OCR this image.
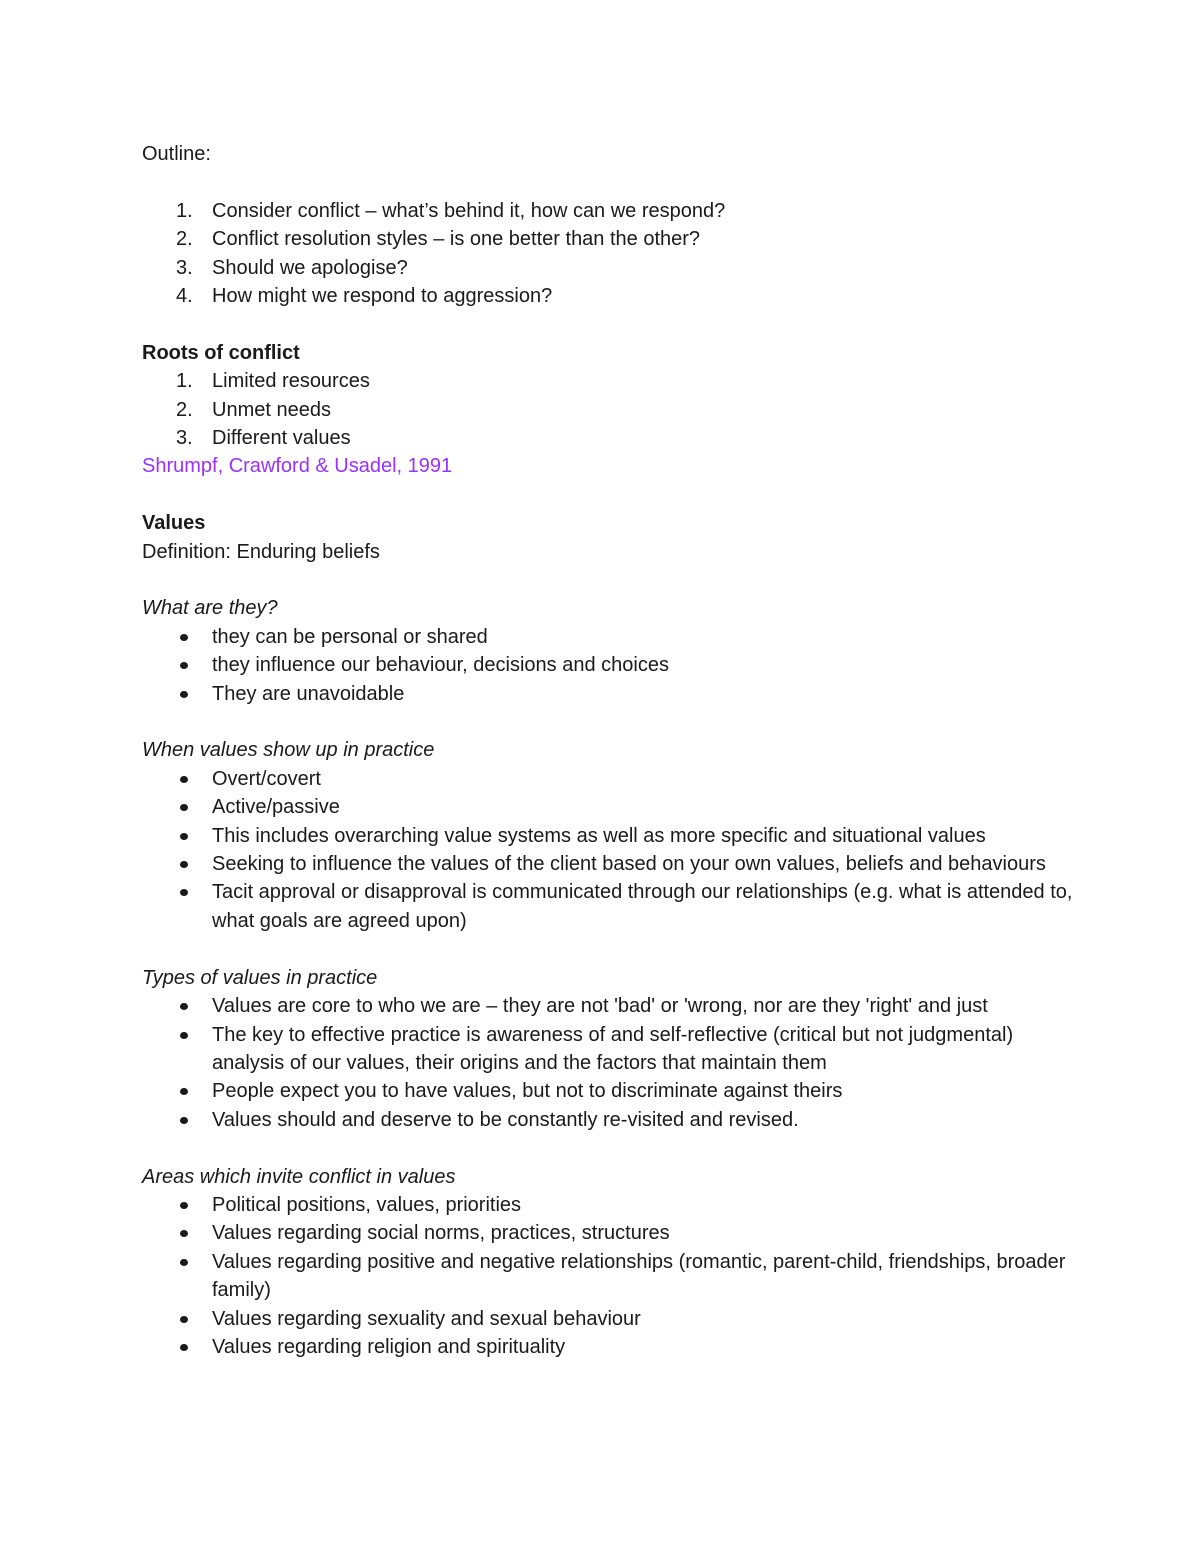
Outline:

1. Consider conflict – what’s behind it, how can we respond?
2. Conflict resolution styles – is one better than the other?
3. Should we apologise?
4. How might we respond to aggression?

Roots of conflict

1. Limited resources
2. Unmet needs
3. Different values

Shrumpf, Crawford & Usadel, 1991

Values

Definition: Enduring beliefs

What are they?

they can be personal or shared
they influence our behaviour, decisions and choices
They are unavoidable

When values show up in practice

Overt/covert
Active/passive
This includes overarching value systems as well as more specific and situational values
Seeking to influence the values of the client based on your own values, beliefs and behaviours
Tacit approval or disapproval is communicated through our relationships (e.g. what is attended to, what goals are agreed upon)

Types of values in practice

Values are core to who we are – they are not 'bad' or 'wrong, nor are they 'right' and just
The key to effective practice is awareness of and self-reflective (critical but not judgmental) analysis of our values, their origins and the factors that maintain them
People expect you to have values, but not to discriminate against theirs
Values should and deserve to be constantly re-visited and revised.

Areas which invite conflict in values

Political positions, values, priorities
Values regarding social norms, practices, structures
Values regarding positive and negative relationships (romantic, parent-child, friendships, broader family)
Values regarding sexuality and sexual behaviour
Values regarding religion and spirituality
